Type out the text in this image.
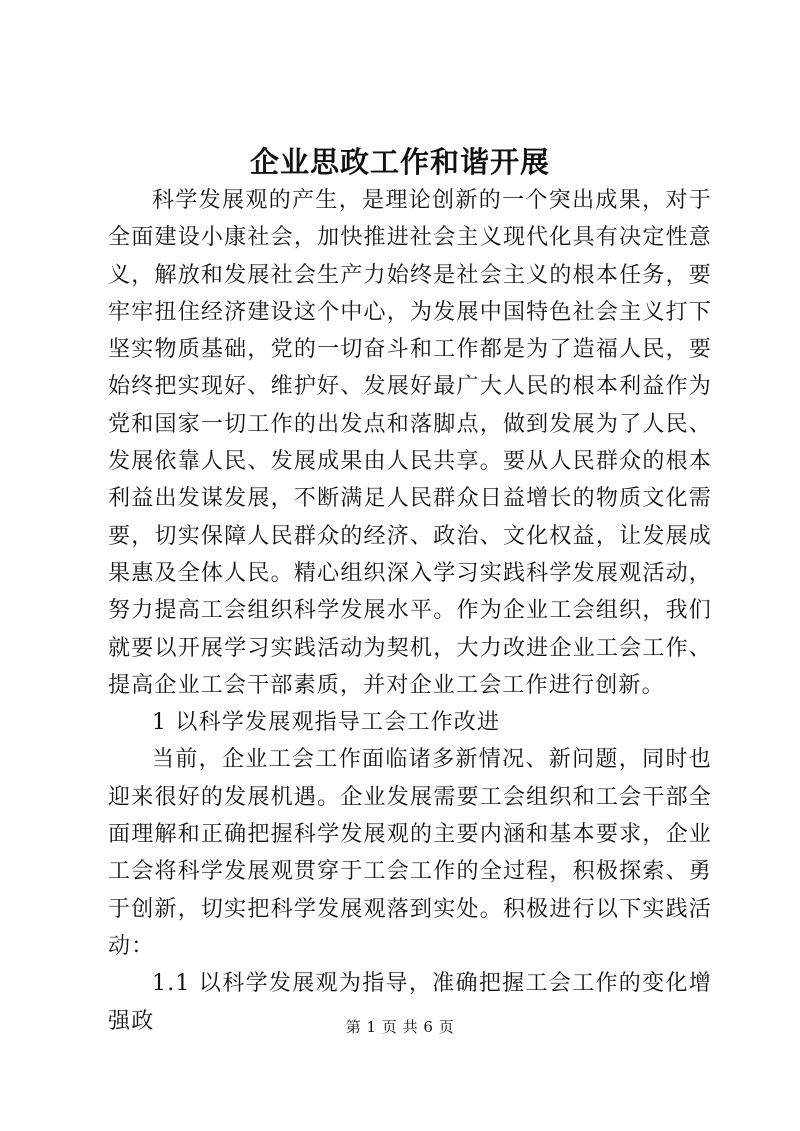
企业思政工作和谐开展

科学发展观的产生，是理论创新的一个突出成果，对于全面建设小康社会，加快推进社会主义现代化具有决定性意义，解放和发展社会生产力始终是社会主义的根本任务，要牢牢扭住经济建设这个中心，为发展中国特色社会主义打下坚实物质基础，党的一切奋斗和工作都是为了造福人民，要始终把实现好、维护好、发展好最广大人民的根本利益作为党和国家一切工作的出发点和落脚点，做到发展为了人民、发展依靠人民、发展成果由人民共享。要从人民群众的根本利益出发谋发展，不断满足人民群众日益增长的物质文化需要，切实保障人民群众的经济、政治、文化权益，让发展成果惠及全体人民。精心组织深入学习实践科学发展观活动，努力提高工会组织科学发展水平。作为企业工会组织，我们就要以开展学习实践活动为契机，大力改进企业工会工作、提高企业工会干部素质，并对企业工会工作进行创新。

1 以科学发展观指导工会工作改进

当前，企业工会工作面临诸多新情况、新问题，同时也迎来很好的发展机遇。企业发展需要工会组织和工会干部全面理解和正确把握科学发展观的主要内涵和基本要求，企业工会将科学发展观贯穿于工会工作的全过程，积极探索、勇于创新，切实把科学发展观落到实处。积极进行以下实践活动：

1.1 以科学发展观为指导，准确把握工会工作的变化增强政	第 1 页 共 6 页
